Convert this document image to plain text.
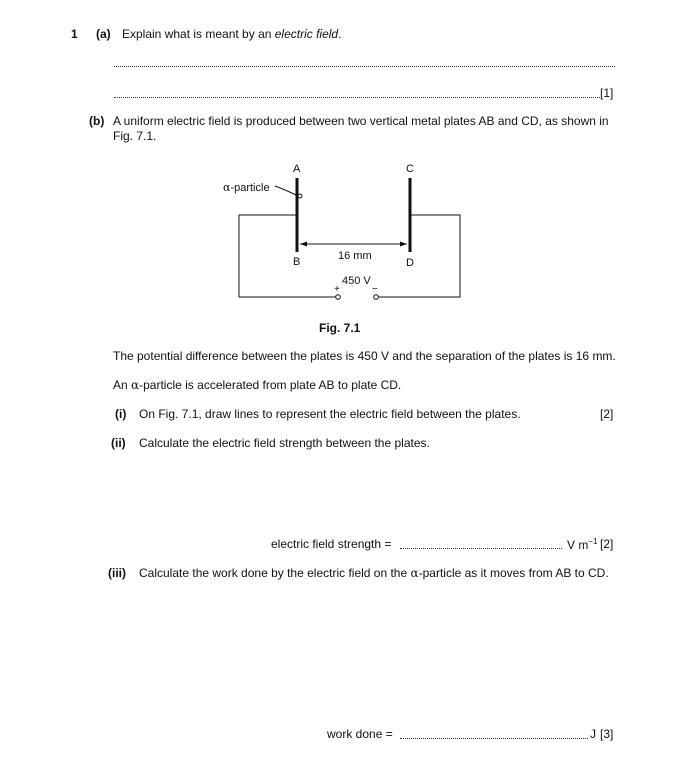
1 (a) Explain what is meant by an electric field.
[1]
(b) A uniform electric field is produced between two vertical metal plates AB and CD, as shown in
Fig. 7.1.
A
B
C
D
α-particle
16 mm
450 V
+	−
Fig. 7.1
The potential difference between the plates is 450 V and the separation of the plates is 16 mm.
An α-particle is accelerated from plate AB to plate CD.
(i) On Fig. 7.1, draw lines to represent the electric field between the plates.	[2]
(ii) Calculate the electric field strength between the plates.
electric field strength =	V $m^{-1}$ [2]
(iii) Calculate the work done by the electric field on the α-particle as it moves from AB to CD.
work done =	J [3]
